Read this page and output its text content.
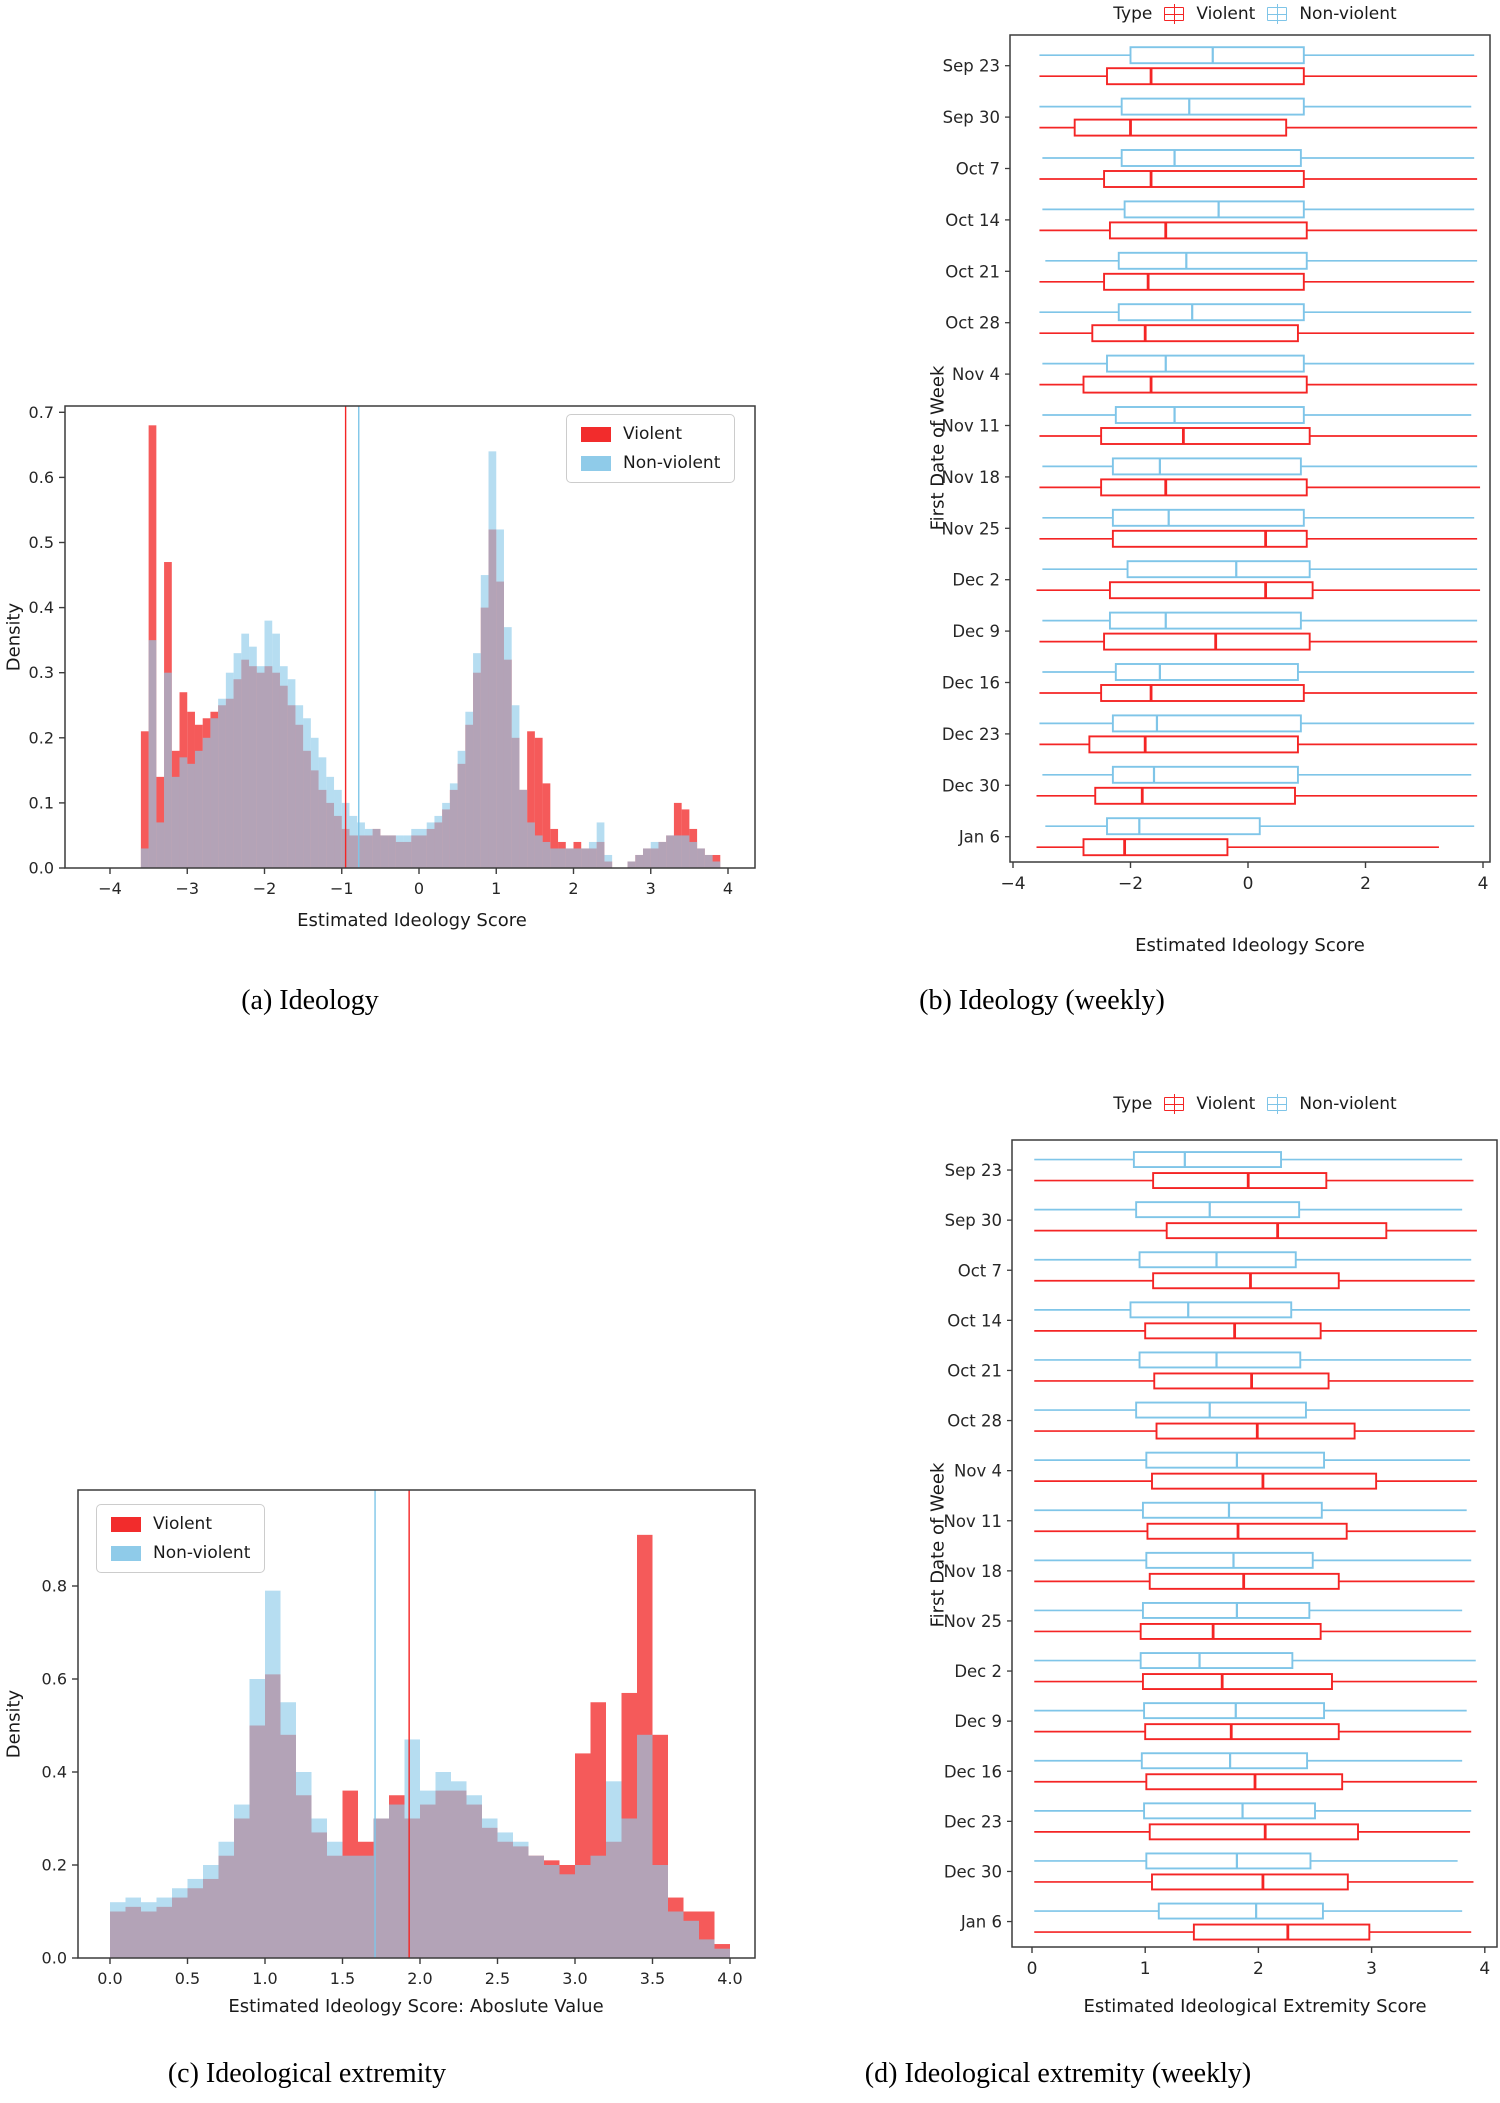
−4	−3	−2	−1	0	1	2	3	4
0.0
0.1
0.2
0.3
0.4
0.5
0.6
0.7
Density
Estimated Ideology Score
Violent
Non-violent
(a) Ideology
Type	Violent	Non-violent
Sep 23
Sep 30
Oct 7
Oct 14
Oct 21
Oct 28
Nov 4
Nov 11
Nov 18
Nov 25
Dec 2
Dec 9
Dec 16
Dec 23
Dec 30
Jan 6
−4	−2	0	2	4
First Date of Week
Estimated Ideology Score
(b) Ideology (weekly)
0.0	0.5	1.0	1.5	2.0	2.5	3.0	3.5	4.0
0.0
0.2
0.4
0.6
0.8
Density
Estimated Ideology Score: Aboslute Value
Violent
Non-violent
(c) Ideological extremity
Type	Violent	Non-violent
Sep 23
Sep 30
Oct 7
Oct 14
Oct 21
Oct 28
Nov 4
Nov 11
Nov 18
Nov 25
Dec 2
Dec 9
Dec 16
Dec 23
Dec 30
Jan 6
0	1	2	3	4
First Date of Week
Estimated Ideological Extremity Score
(d) Ideological extremity (weekly)
